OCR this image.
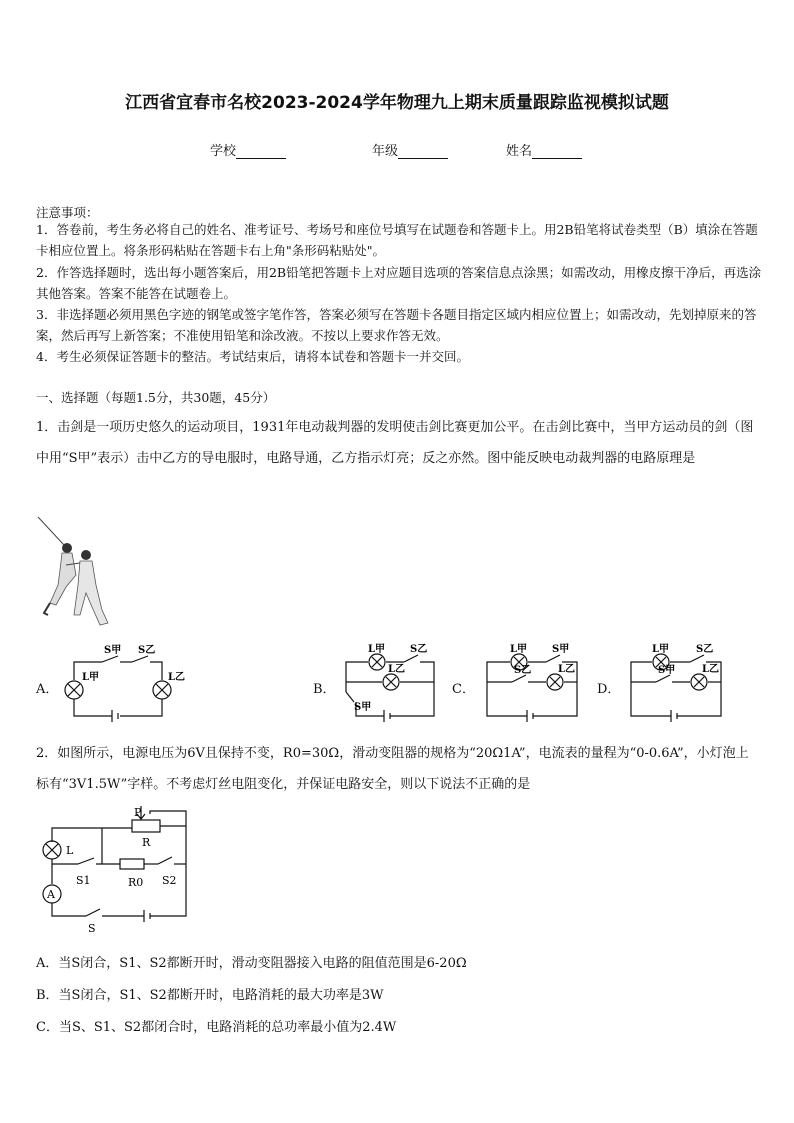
江西省宜春市名校2023-2024学年物理九上期末质量跟踪监视模拟试题
学校	年级	姓名
注意事项：
1．答卷前，考生务必将自己的姓名、准考证号、考场号和座位号填写在试题卷和答题卡上。用2B铅笔将试卷类型（B）填涂在答题卡相应位置上。将条形码粘贴在答题卡右上角"条形码粘贴处"。
2．作答选择题时，选出每小题答案后，用2B铅笔把答题卡上对应题目选项的答案信息点涂黑；如需改动，用橡皮擦干净后，再选涂其他答案。答案不能答在试题卷上。
3．非选择题必须用黑色字迹的钢笔或签字笔作答，答案必须写在答题卡各题目指定区域内相应位置上；如需改动，先划掉原来的答案，然后再写上新答案；不准使用铅笔和涂改液。不按以上要求作答无效。
4．考生必须保证答题卡的整洁。考试结束后，请将本试卷和答题卡一并交回。
一、选择题（每题1.5分，共30题，45分）
1．击剑是一项历史悠久的运动项目，1931年电动裁判器的发明使击剑比赛更加公平。在击剑比赛中，当甲方运动员的剑（图中用“S甲”表示）击中乙方的导电服时，电路导通，乙方指示灯亮；反之亦然。图中能反映电动裁判器的电路原理是
A．	B．	C．	D．
S甲 S乙
L甲	L乙
L甲 S乙
L乙
S甲
L甲 S甲
S乙	L乙
L甲	S乙
S甲	L乙
2．如图所示，电源电压为6V且保持不变，R0=30Ω，滑动变阻器的规格为“20Ω1A”，电流表的量程为“0-0.6A”，小灯泡上标有“3V1.5W”字样。不考虑灯丝电阻变化，并保证电路安全，则以下说法不正确的是
P
R
L
S1	R0 S2
A
S
A．当S闭合，S1、S2都断开时，滑动变阻器接入电路的阻值范围是6-20Ω
B．当S闭合，S1、S2都断开时，电路消耗的最大功率是3W
C．当S、S1、S2都闭合时，电路消耗的总功率最小值为2.4W
